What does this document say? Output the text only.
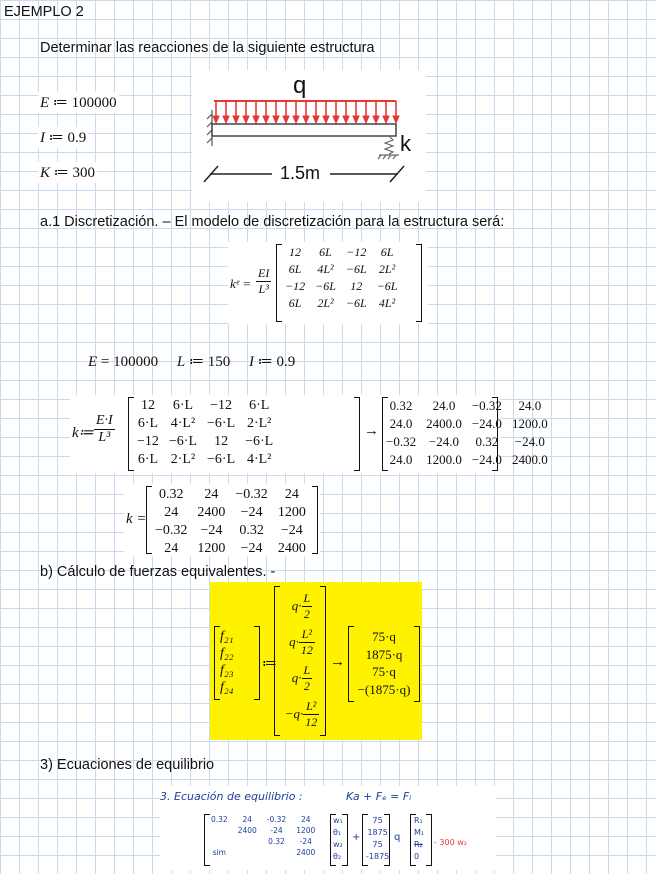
EJEMPLO 2
Determinar las reacciones de la siguiente estructura
E ≔ 100000
I ≔ 0.9
K ≔ 300
q
k
1.5m
a.1 Discretización. – El modelo de discretización para la estructura será:
kᵉ = $\frac{EI}{\text{L³}}$
12	6L	−12	6L
6L	4L²	−6L	2L²
−12	−6L	12	−6L
6L	2L²	−6L	4L²
E = 100000 L ≔ 150 I ≔ 0.9
k≔ $\frac{E\cdot I}{\text{L³}}$
12	6·L	−12	6·L
6·L	4·L²	−6·L	2·L²
−12	−6·L	12	−6·L
6·L	2·L²	−6·L	4·L²
→
0.32	24.0	−0.32	24.0
24.0	2400.0	−24.0	1200.0
−0.32	−24.0	0.32	−24.0
24.0	1200.0	−24.0	2400.0
k =
0.32	24	−0.32	24
24	2400	−24	1200
−0.32	−24	0.32	−24
24	1200	−24	2400
b) Cálculo de fuerzas equivalentes. -
f₂₁
f₂₂
f₂₃
f₂₄
≔
$q\cdot \frac{L}{2}$
$q\cdot \frac{\text{L²}}{12}$
$q\cdot \frac{L}{2}$
$-q\cdot \frac{\text{L²}}{12}$
→
75·q
1875·q
75·q
−(1875·q)
3) Ecuaciones de equilibrio
3. Ecuación de equilibrio :	Ka + Fₑ = Fᵢ
0.32	24	-0.32	24
	2400	-24	1200
		0.32	-24
sim			2400
w₁
θ₁
w₂
θ₂
+
75
1875
75
-1875
q
R₁
M₁
R₂
0
- 300 w₂
